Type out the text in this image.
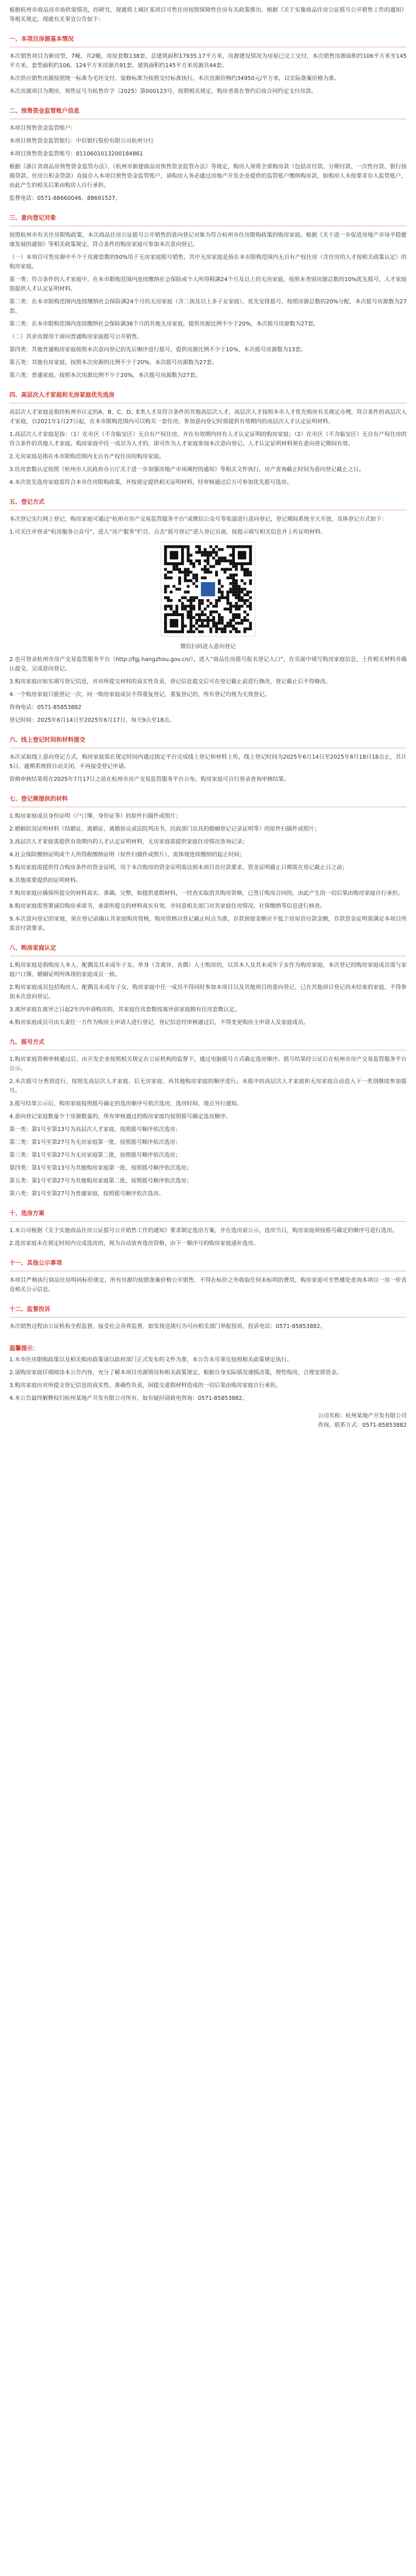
根据杭州市商品房市场供需情况，经研究，现就将上城区某项目可售住房按照保障性住房有关政策推出，根据《关于实施商品住房公证摇号公开销售工作的通知》等相关规定，现就有关事宜公告如下：

一、本项目房源基本情况

本次销售项目为新房型，7幢，共2幢，房屋套数138套，总建筑面积17935.17平方米，房源建设情况为房屋已完工交付，本次销售房源面积约106平方米至145平方米，套型面积约106、124平方米房源共91套，建筑面积约145平方米房源共44套。

本次供应销售房源按照统一标准为毛坯交付，装修标准为按照交付标准执行。本次房源价格约34950元/平方米，以实际备案价格为准。

本次房源项目为期房，预售证号为杭售许字（2025）第000123号，按照相关规定，购房者需在签约后按合同约定支付房款。

二、预售资金监管账户信息

本项目预售资金监管账户：

本项目预售资金监管银行：中信银行股份有限公司杭州分行

本项目预售资金监管账号：8110601013200184861

根据《浙江省商品房预售资金监管办法》、《杭州市新建商品房预售资金监管办法》等规定，购房人须将全部购房款（包括首付款、分期付款、一次性付款、银行按揭贷款、住房公积金贷款）直接存入本项目预售资金监管账户，请购房人务必通过房地产开发企业提供的监管账户缴纳购房款，如购房人未按要求存入监管账户，由此产生的相关后果由购房人自行承担。

监督电话：0571-88660046、88691527。

三、意向登记对象

按照杭州市有关住房限购政策，本次商品住房公证摇号公开销售的意向登记对象为符合杭州市住房限购政策的购房家庭。根据《关于进一步促进房地产市场平稳健康发展的通知》等相关政策规定，符合条件的购房家庭可参加本次意向登记。

（一）本项目可售房源中不少于房源套数的50%用于无房家庭摇号销售，其中无房家庭是指在本市限购范围内无自有产权住房（含住房的人才按相关政策认定）的购房家庭。

第一类：符合条件的人才家庭中，在本市限购范围内连续缴纳社会保险或个人所得税满24个月及以上的无房家庭，按照本类别房源总数的10%优先摇号，人才家庭需提供人才认定证明材料。

第二类：在本市限购范围内连续缴纳社会保险满24个月的无房家庭（含二孩及以上多子女家庭），优先安排摇号，按照房源总数的20%分配，本次摇号房源数为27套。

第三类：在本市限购范围内连续缴纳社会保险满36个月的其他无房家庭，提供房源比例不少于20%，本次摇号房源数为27套。

（二）其余房源用于面向普通购房家庭摇号公开销售。

第四类：其他普通购房家庭按照本次意向登记的先后顺序进行摇号，提供房源比例不少于10%，本次摇号房源数为13套。

第五类：其他有房家庭，按照本次房源的比例不少于20%，本次摇号房源数为27套。

第六类：普通家庭，按照本次房源比例不少于20%，本次摇号房源数为27套。

四、高层次人才家庭和无房家庭优先选房

高层次人才家庭是指经杭州市认定的A、B、C、D、E类人才及符合条件的其他高层次人才，高层次人才按照本市人才优先购房有关规定办理，符合条件的高层次人才家庭，自2021年1月27日起，在本市限购范围内可以购买一套住房，参加意向登记时需提供有效期内的高层次人才认定证明材料。

1.高层次人才家庭是指：（1）在市区（不含临安区）无自有产权住房，并在有效期内持有人才认定证明的购房家庭；（2）在市区（不含临安区）无自有产权住房的符合条件的其他人才家庭。购房家庭中任一成员为人才的，即可作为人才家庭参加本次意向登记。人才认定证明材料须在意向登记期间有效。

2.无房家庭是指在本市限购范围内无自有产权住房的购房家庭。

3.住房套数认定按照《杭州市人民政府办公厅关于进一步加强房地产市场调控的通知》等相关文件执行，房产查询截止时间为意向登记截止之日。

4.本次优先选房家庭需符合本市住房限购政策，并按规定提供相关证明材料，经审核通过后方可参加优先摇号选房。

五、登记方式

本次登记实行网上登记，购房家庭可通过“杭州市房产交易监管服务平台”或微信公众号等渠道进行意向登记，登记期间系统全天开放，具体登记方式如下：

1.可关注并登录“杭房服务公众号”，进入“房产服务”栏目，点击“摇号登记”进入登记页面，按提示填写相关信息并上传证明材料。

微信扫码进入意向登记

2.也可登录杭州市房产交易监管服务平台（http://fgj.hangzhou.gov.cn/），进入“商品住房摇号报名登记入口”，在页面中填写购房家庭信息、上传相关材料并确认提交，完成意向登记。

3.购房家庭应如实填写登记信息，并对所提交材料的真实性负责，登记信息提交后可在登记截止前进行修改，登记截止后不得修改。

4.一个购房家庭只能登记一次，同一购房家庭成员不得重复登记，重复登记的，所有登记均视为无效登记。

咨询电话：0571-85853882

登记时间：2025年6月14日至2025年6月17日，每天9点至18点。

六、线上登记时间和材料提交

本次采取线上意向登记方式，购房家庭需在规定时间内通过指定平台完成线上登记和材料上传，线上登记时间为2025年6月14日至2025年6月18日18点止，共计5日，逾期系统将自动关闭，不再接受登记申请。

资格审核结果将在2025年7月17日之前在杭州市房产交易监管服务平台公布，购房家庭可自行登录查询审核结果。

七、登记需提供的材料

1.购房家庭成员身份证明（户口簿、身份证等）的原件扫描件或照片；

2.婚姻状况证明材料（结婚证、离婚证、离婚协议或法院判决书、民政部门出具的婚姻登记记录证明等）的原件扫描件或照片；

3.高层次人才家庭需提供有效期内的人才认定证明材料，无房家庭需提供家庭住房情况查询记录；

4.社会保险缴纳证明或个人所得税缴纳证明（原件扫描件或照片），需体现连续缴纳的起止时间；

5.购房家庭需提供符合购房条件的资金证明，用于本次购房的资金证明需达到本项目首付款要求，资金证明截止日期需在登记截止日之前；

6.其他需要提供的证明材料。

7.购房家庭应确保所提交的材料真实、准确、完整，如提供虚假材料，一经查实取消其购房资格，已签订购房合同的，由此产生的一切后果由购房家庭自行承担。

8.购房家庭需签署诚信购房承诺书，承诺所提交的材料真实有效，并同意相关部门对其家庭住房情况、社保缴纳等信息进行核查。

9.本次意向登记的家庭，须在登记前确认其家庭购房资格，购房资格以登记截止时点为准，存款预留金额应不低于房屋首付款金额，存款资金证明需满足本项目所需首付款要求。

八、购房家庭认定

1.购房家庭是指购房人本人、配偶及其未成年子女。单身（含离异、丧偶）人士购房的，以其本人及其未成年子女作为购房家庭，本次登记的购房家庭成员需与家庭户口簿、婚姻证明所体现的家庭成员一致。

2.购房家庭成员包括购房人、配偶及未成年子女，购房家庭中任一成员不得同时参加本项目以及其他项目的意向登记，已在其他项目登记尚未结束的家庭，不得参加本次意向登记。

3.离异家庭在离异之日起2年内申请购房的，其家庭住房套数按离异前家庭拥有住房套数认定。

4.购房家庭成员可由夫妻任一方作为购房主申请人进行登记，登记信息经审核通过后，不得变更购房主申请人及家庭成员。

九、摇号方式

1.购房家庭资格审核通过后，由开发企业按照相关规定在公证机构的监督下，通过电脑摇号方式确定选房顺序。摇号结果经公证后在杭州市房产交易监管服务平台公示。

2.本次摇号分类别进行，按照先高层次人才家庭、后无房家庭、再其他购房家庭的顺序进行。未摇中的高层次人才家庭和无房家庭自动进入下一类别继续参加摇号。

3.摇号结果公示后，购房家庭按照摇号确定的选房顺序号依次选房，选房时间、地点另行通知。

4.意向登记家庭数量少于房源数量的，所有审核通过的购房家庭均按照摇号确定选房顺序。

第一类：第1号至第13号为高层次人才家庭，按照摇号顺序依次选房；

第二类：第1号至第27号为无房家庭第一批，按照摇号顺序依次选房；

第三类：第1号至第27号为无房家庭第二批，按照摇号顺序依次选房；

第四类：第1号至第13号为其他购房家庭第一批，按照摇号顺序依次选房；

第五类：第1号至第27号为其他购房家庭第二批，按照摇号顺序依次选房；

第六类：第1号至第27号为普通家庭，按照摇号顺序依次选房。

十、选房方案

1.本公司根据《关于实施商品住房公证摇号公开销售工作的通知》要求制定选房方案，并在选房前公示，选房当日，购房家庭须按摇号确定的顺序号进行选房。

2.选房家庭未在规定时间内完成选房的，视为自动放弃选房资格，由下一顺序号的购房家庭递补选房。

十一、其他公示事项

本项目严格执行商品住房明码标价规定，所有房源均按照备案价格公开销售，不得在标价之外收取任何未标明的费用，购房家庭可至售楼处查询本项目一房一价表及相关公示信息。

十二、监督投诉

本次销售过程由公证机构全程监督，接受社会各界监督，如发现违规行为可向相关部门举报投诉，投诉电话：0571-85853882。

温馨提示：

1.本市住房限购政策以及相关购房政策请以政府部门正式发布的文件为准，本公告未尽事宜按照相关政策规定执行。

2.请购房家庭仔细阅读本公告内容，充分了解本项目房源情况和相关政策规定，根据自身实际情况谨慎决策，理性购房，合理安排资金。

3.购房家庭应对所提交登记信息的真实性、准确性负责，因提交虚假材料造成的一切后果由购房家庭自行承担。

4.本公告最终解释权归杭州某地产开发有限公司所有，如有疑问请致电咨询：0571-85853882。

公司名称：杭州某地产开发有限公司
咨询，联系方式：0571-85853882
